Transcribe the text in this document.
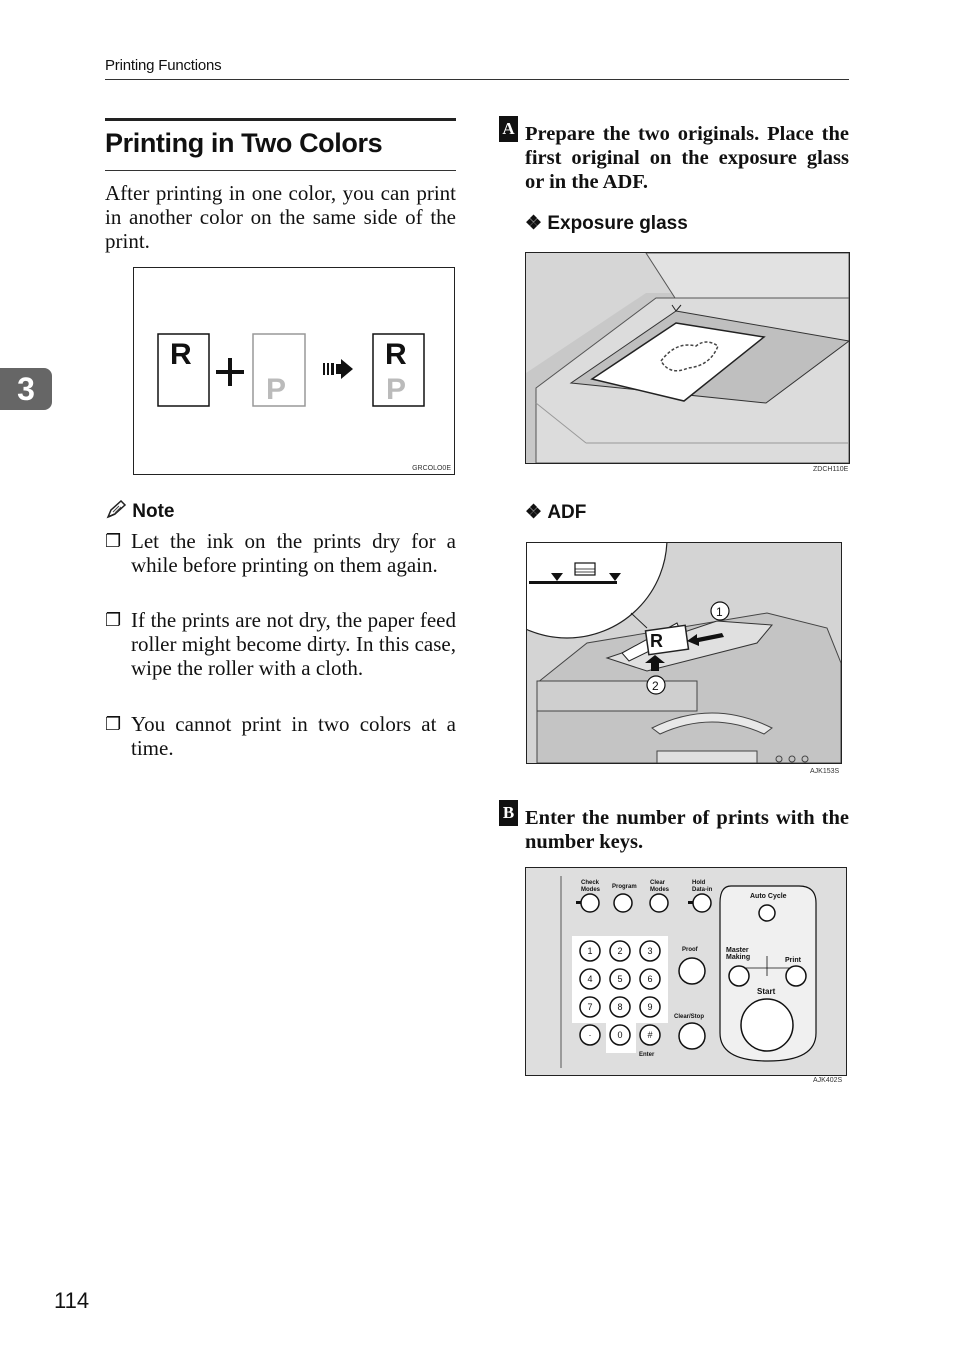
Printing Functions
3
Printing in Two Colors
After printing in one color, you can print in another color on the same side of the print.
R
P
R
P
GRCOLO0E
Note
❐ Let the ink on the prints dry for a while before printing on them again.
❐ If the prints are not dry, the paper feed roller might become dirty. In this case, wipe the roller with a cloth.
❐ You cannot print in two colors at a time.
A Prepare the two originals. Place the first original on the exposure glass or in the ADF.
❖ Exposure glass
ZDCH110E
❖ ADF
R
1
2
AJK153S
B Enter the number of prints with the number keys.
Check Modes Program
Clear Modes
Hold Data-in
1	2	3
4	5	6
7	8	9
·	0	#
Enter
Proof
Clear/Stop
Auto Cycle
Master Making	Print
Start
AJK402S
114
